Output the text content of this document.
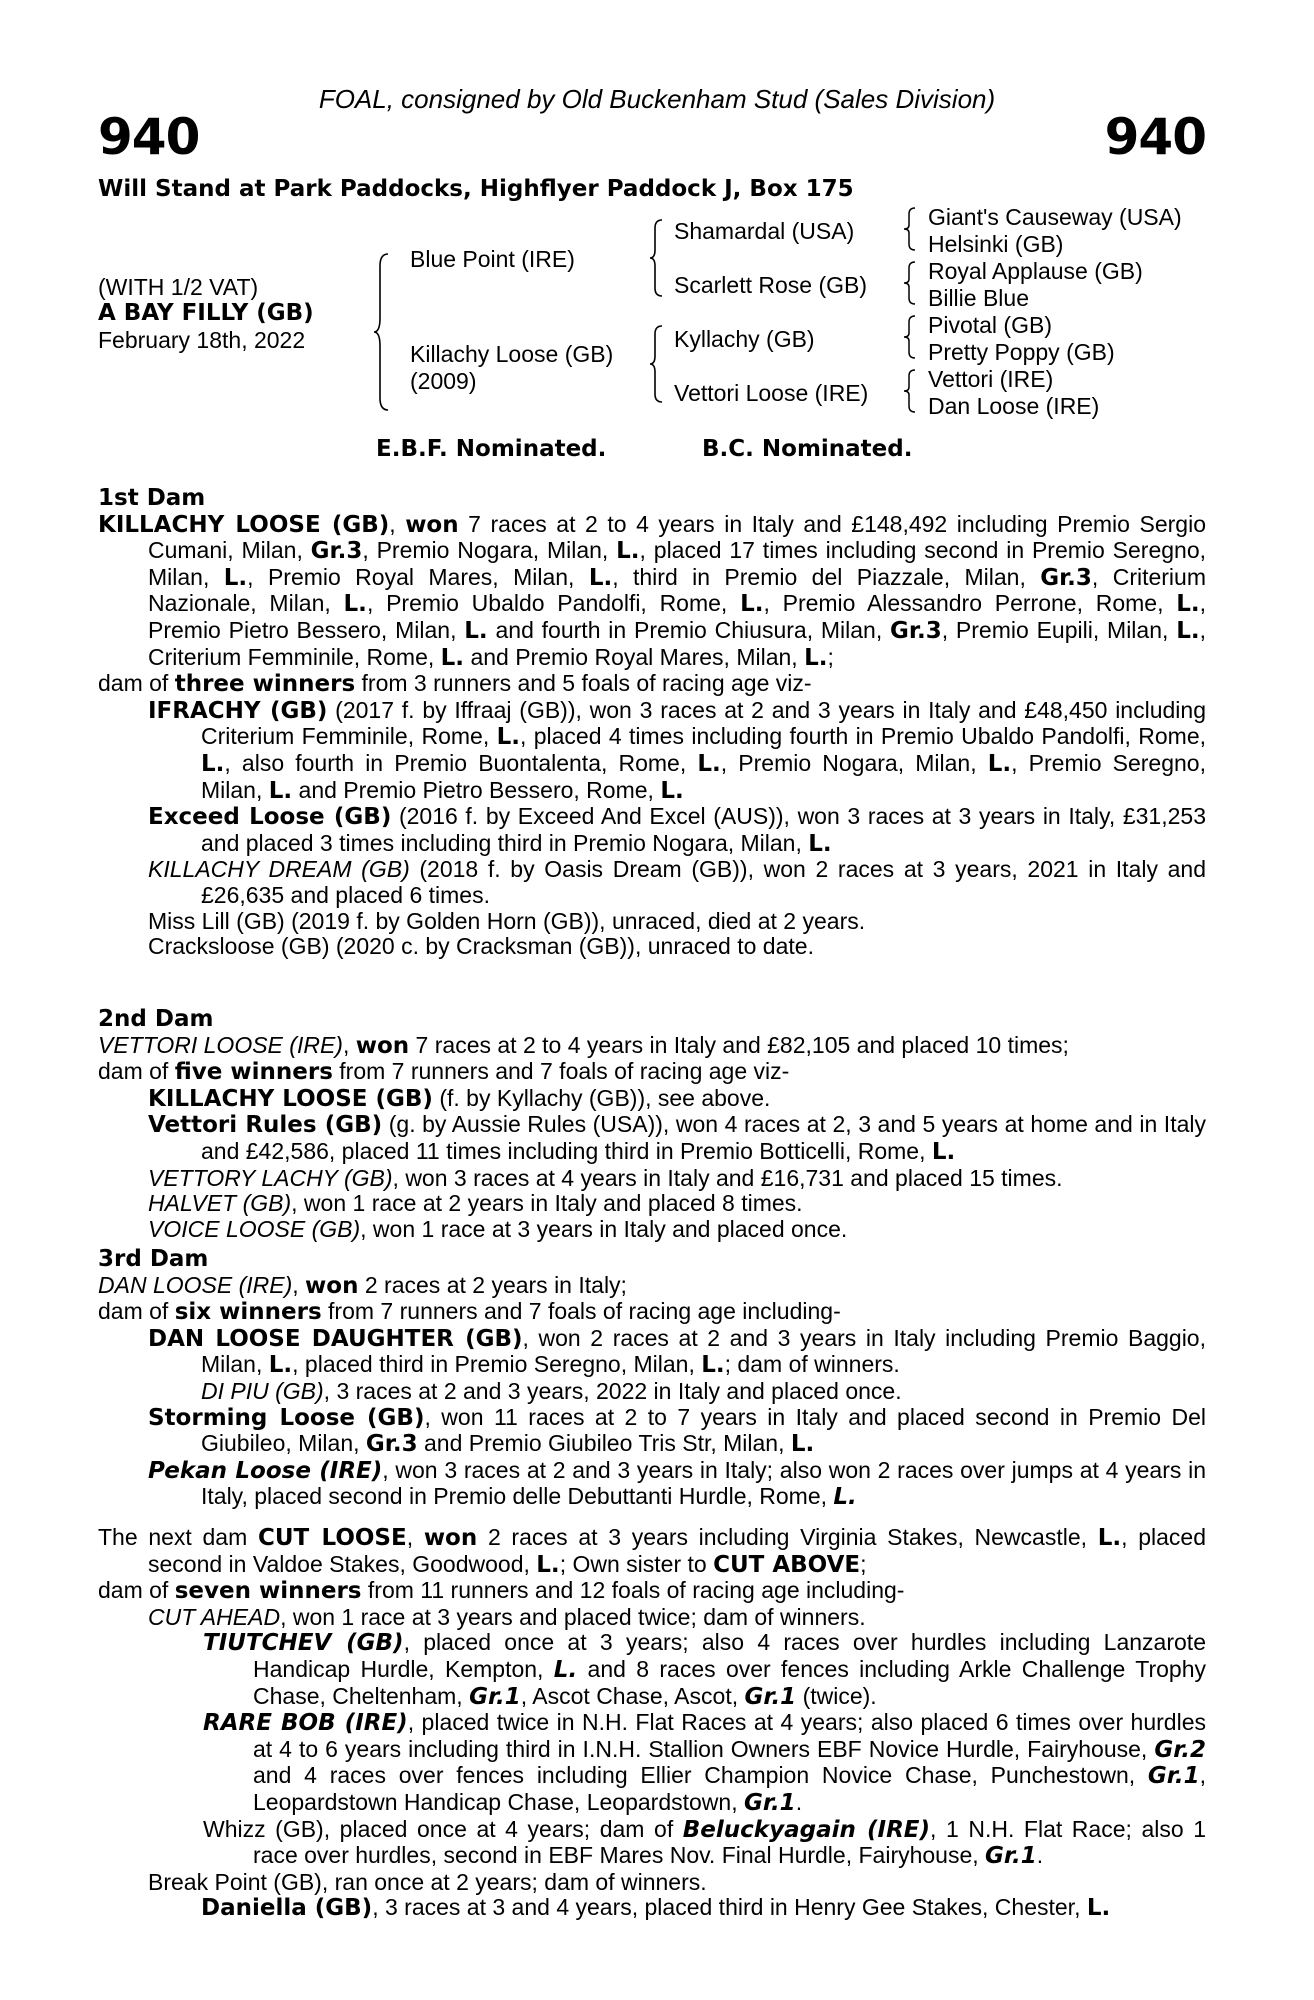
FOAL, consigned by Old Buckenham Stud (Sales Division)
940	940
Will Stand at Park Paddocks, Highflyer Paddock J, Box 175
(WITH 1/2 VAT)
A BAY FILLY (GB)
February 18th, 2022
Blue Point (IRE)
Killachy Loose (GB)
(2009)
Shamardal (USA)
Scarlett Rose (GB)
Kyllachy (GB)
Vettori Loose (IRE)
Giant's Causeway (USA)
Helsinki (GB)
Royal Applause (GB)
Billie Blue
Pivotal (GB)
Pretty Poppy (GB)
Vettori (IRE)
Dan Loose (IRE)
E.B.F. Nominated.	B.C. Nominated.

1st Dam

KILLACHY LOOSE (GB), won 7 races at 2 to 4 years in Italy and £148,492 including Premio Sergio Cumani, Milan, Gr.3, Premio Nogara, Milan, L., placed 17 times including second in Premio Seregno, Milan, L., Premio Royal Mares, Milan, L., third in Premio del Piazzale, Milan, Gr.3, Criterium Nazionale, Milan, L., Premio Ubaldo Pandolfi, Rome, L., Premio Alessandro Perrone, Rome, L., Premio Pietro Bessero, Milan, L. and fourth in Premio Chiusura, Milan, Gr.3, Premio Eupili, Milan, L., Criterium Femminile, Rome, L. and Premio Royal Mares, Milan, L.;

dam of three winners from 3 runners and 5 foals of racing age viz-

IFRACHY (GB) (2017 f. by Iffraaj (GB)), won 3 races at 2 and 3 years in Italy and £48,450 including Criterium Femminile, Rome, L., placed 4 times including fourth in Premio Ubaldo Pandolfi, Rome, L., also fourth in Premio Buontalenta, Rome, L., Premio Nogara, Milan, L., Premio Seregno, Milan, L. and Premio Pietro Bessero, Rome, L.

Exceed Loose (GB) (2016 f. by Exceed And Excel (AUS)), won 3 races at 3 years in Italy, £31,253 and placed 3 times including third in Premio Nogara, Milan, L.

KILLACHY DREAM (GB) (2018 f. by Oasis Dream (GB)), won 2 races at 3 years, 2021 in Italy and £26,635 and placed 6 times.

Miss Lill (GB) (2019 f. by Golden Horn (GB)), unraced, died at 2 years.

Cracksloose (GB) (2020 c. by Cracksman (GB)), unraced to date.

2nd Dam

VETTORI LOOSE (IRE), won 7 races at 2 to 4 years in Italy and £82,105 and placed 10 times;

dam of five winners from 7 runners and 7 foals of racing age viz-

KILLACHY LOOSE (GB) (f. by Kyllachy (GB)), see above.

Vettori Rules (GB) (g. by Aussie Rules (USA)), won 4 races at 2, 3 and 5 years at home and in Italy and £42,586, placed 11 times including third in Premio Botticelli, Rome, L.

VETTORY LACHY (GB), won 3 races at 4 years in Italy and £16,731 and placed 15 times.

HALVET (GB), won 1 race at 2 years in Italy and placed 8 times.

VOICE LOOSE (GB), won 1 race at 3 years in Italy and placed once.

3rd Dam

DAN LOOSE (IRE), won 2 races at 2 years in Italy;

dam of six winners from 7 runners and 7 foals of racing age including-

DAN LOOSE DAUGHTER (GB), won 2 races at 2 and 3 years in Italy including Premio Baggio, Milan, L., placed third in Premio Seregno, Milan, L.; dam of winners.

DI PIU (GB), 3 races at 2 and 3 years, 2022 in Italy and placed once.

Storming Loose (GB), won 11 races at 2 to 7 years in Italy and placed second in Premio Del Giubileo, Milan, Gr.3 and Premio Giubileo Tris Str, Milan, L.

Pekan Loose (IRE), won 3 races at 2 and 3 years in Italy; also won 2 races over jumps at 4 years in Italy, placed second in Premio delle Debuttanti Hurdle, Rome, L.

The next dam CUT LOOSE, won 2 races at 3 years including Virginia Stakes, Newcastle, L., placed second in Valdoe Stakes, Goodwood, L.; Own sister to CUT ABOVE;

dam of seven winners from 11 runners and 12 foals of racing age including-

CUT AHEAD, won 1 race at 3 years and placed twice; dam of winners.

TIUTCHEV (GB), placed once at 3 years; also 4 races over hurdles including Lanzarote Handicap Hurdle, Kempton, L. and 8 races over fences including Arkle Challenge Trophy Chase, Cheltenham, Gr.1, Ascot Chase, Ascot, Gr.1 (twice).

RARE BOB (IRE), placed twice in N.H. Flat Races at 4 years; also placed 6 times over hurdles at 4 to 6 years including third in I.N.H. Stallion Owners EBF Novice Hurdle, Fairyhouse, Gr.2 and 4 races over fences including Ellier Champion Novice Chase, Punchestown, Gr.1, Leopardstown Handicap Chase, Leopardstown, Gr.1.

Whizz (GB), placed once at 4 years; dam of Beluckyagain (IRE), 1 N.H. Flat Race; also 1 race over hurdles, second in EBF Mares Nov. Final Hurdle, Fairyhouse, Gr.1.

Break Point (GB), ran once at 2 years; dam of winners.

Daniella (GB), 3 races at 3 and 4 years, placed third in Henry Gee Stakes, Chester, L.
